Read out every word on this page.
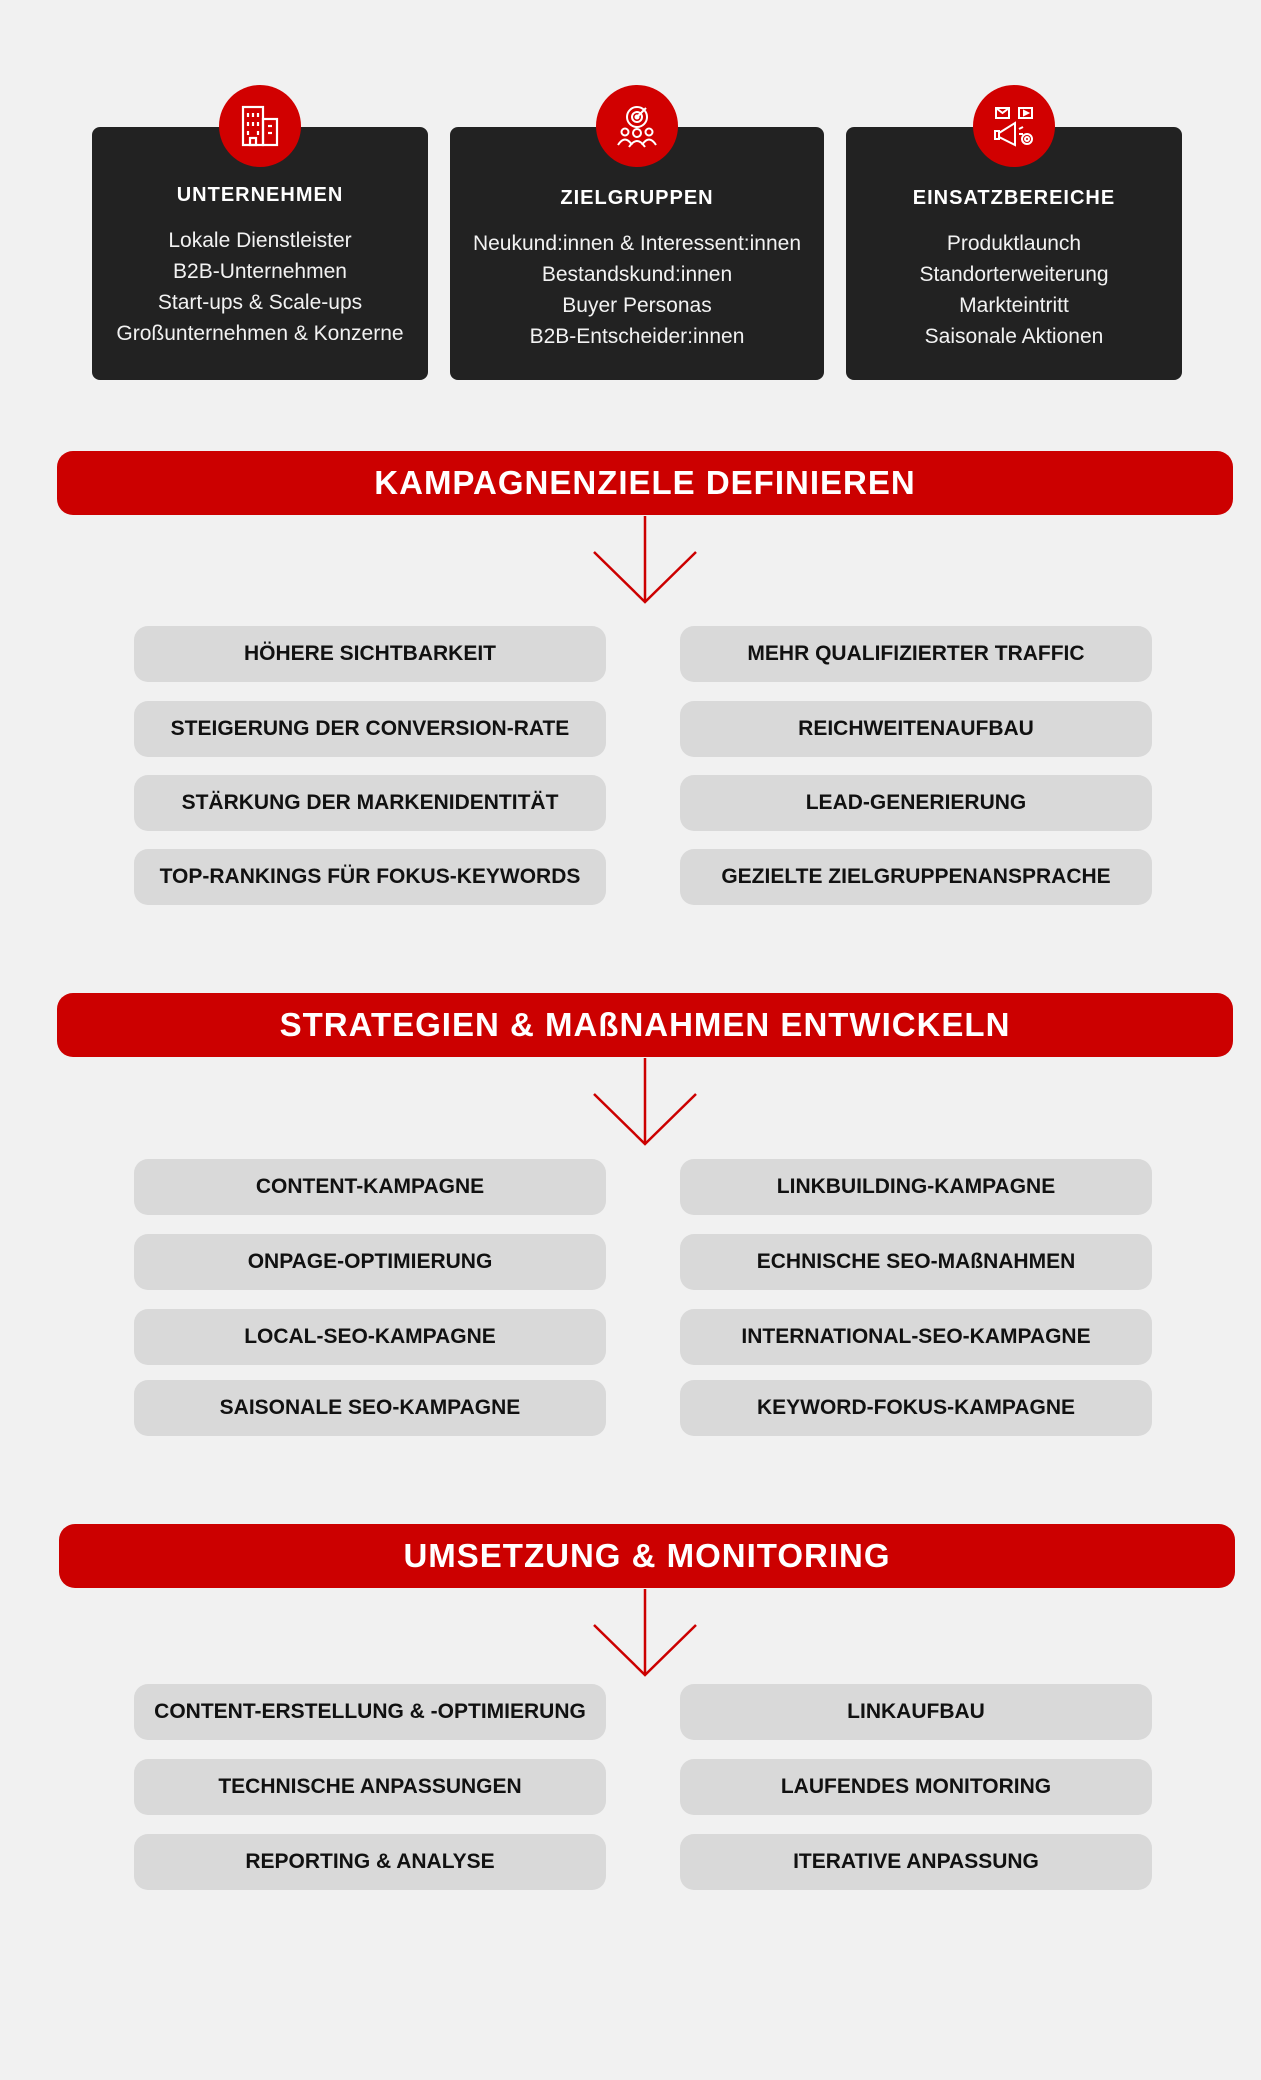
UNTERNEHMEN
Lokale Dienstleister
B2B-Unternehmen
Start-ups & Scale-ups
Großunternehmen & Konzerne
ZIELGRUPPEN
Neukund:innen & Interessent:innen
Bestandskund:innen
Buyer Personas
B2B-Entscheider:innen
EINSATZBEREICHE
Produktlaunch
Standorterweiterung
Markteintritt
Saisonale Aktionen
KAMPAGNENZIELE DEFINIEREN
HÖHERE SICHTBARKEIT
STEIGERUNG DER CONVERSION-RATE
STÄRKUNG DER MARKENIDENTITÄT
TOP-RANKINGS FÜR FOKUS-KEYWORDS
MEHR QUALIFIZIERTER TRAFFIC
REICHWEITENAUFBAU
LEAD-GENERIERUNG
GEZIELTE ZIELGRUPPENANSPRACHE
STRATEGIEN & MAßNAHMEN ENTWICKELN
CONTENT-KAMPAGNE
ONPAGE-OPTIMIERUNG
LOCAL-SEO-KAMPAGNE
SAISONALE SEO-KAMPAGNE
LINKBUILDING-KAMPAGNE
ECHNISCHE SEO-MAßNAHMEN
INTERNATIONAL-SEO-KAMPAGNE
KEYWORD-FOKUS-KAMPAGNE
UMSETZUNG & MONITORING
CONTENT-ERSTELLUNG & -OPTIMIERUNG
TECHNISCHE ANPASSUNGEN
REPORTING & ANALYSE
LINKAUFBAU
LAUFENDES MONITORING
ITERATIVE ANPASSUNG
